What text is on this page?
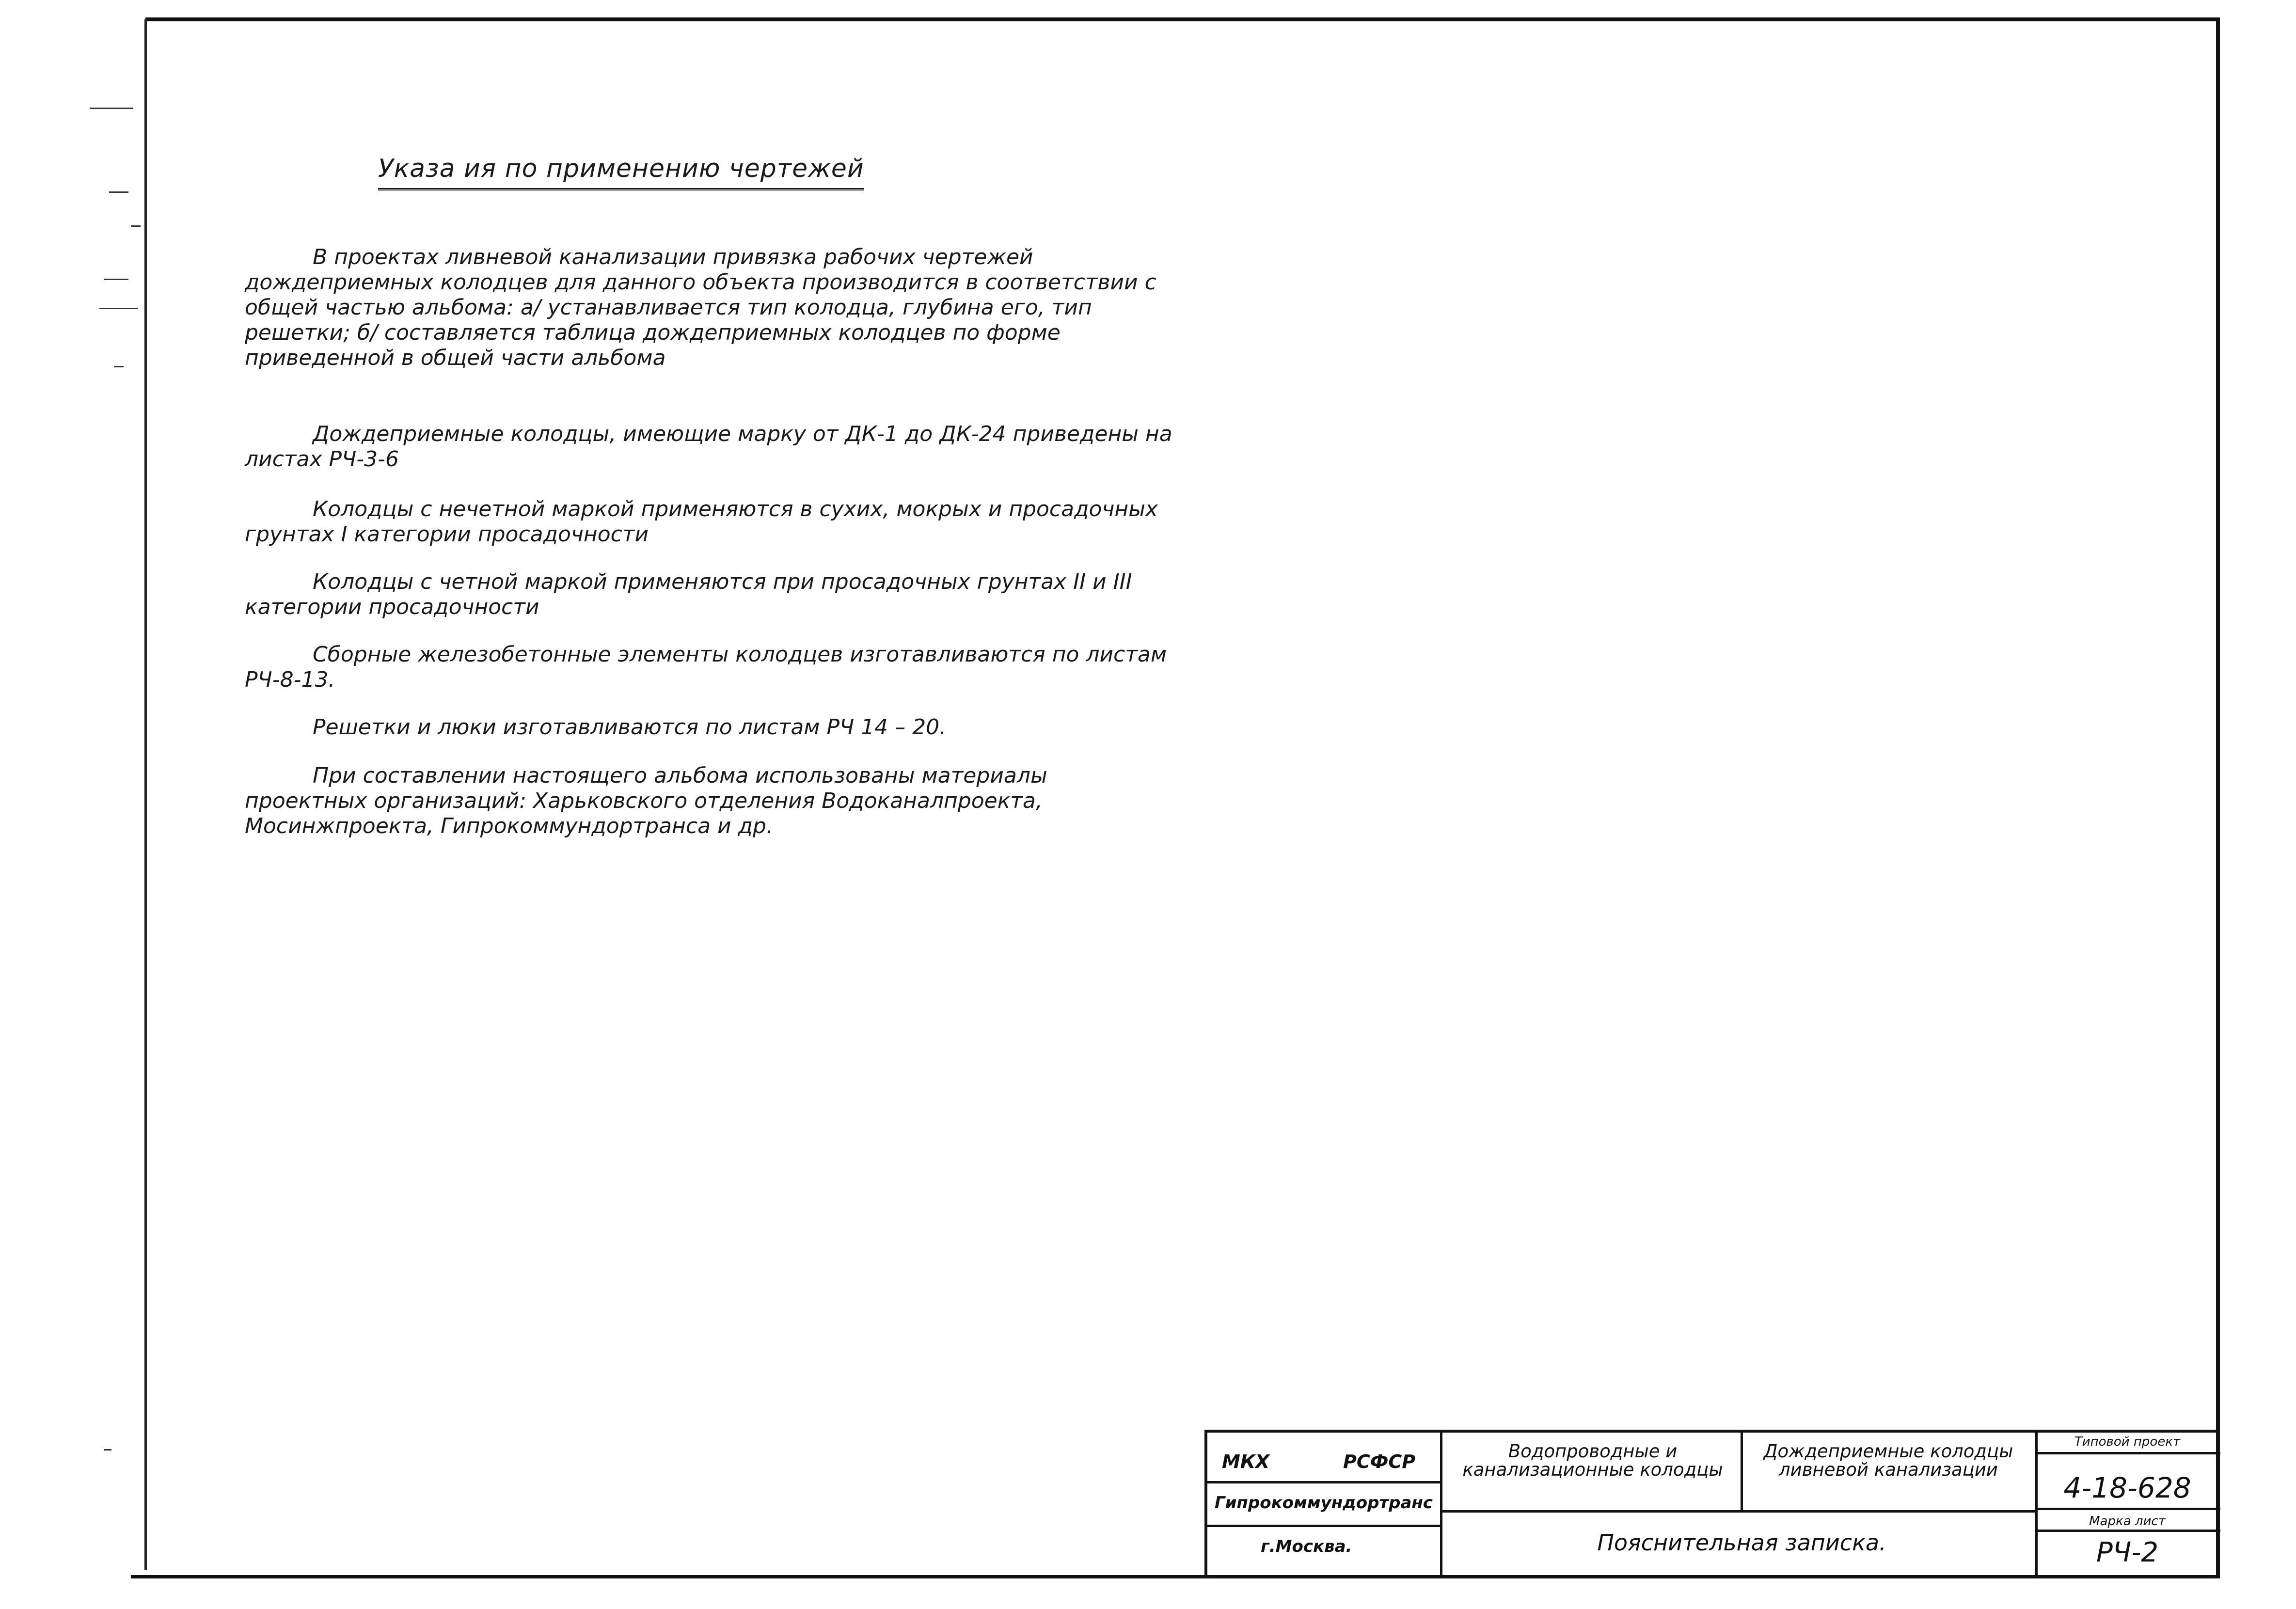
Указа ия по применению чертежей

В проектах ливневой канализации привязка рабочих чертежей дождеприемных колодцев для данного объекта производится в соответствии с общей частью альбома: а/ устанавливается тип колодца, глубина его, тип решетки; б/ составляется таблица дождеприемных колодцев по форме приведенной в общей части альбома

Дождеприемные колодцы, имеющие марку от ДК-1 до ДК-24 приведены на листах РЧ-3-6

Колодцы с нечетной маркой применяются в сухих, мокрых и просадочных грунтах I категории просадочности

Колодцы с четной маркой применяются при просадочных грунтах II и III категории просадочности

Сборные железобетонные элементы колодцев изготавливаются по листам РЧ-8-13.

Решетки и люки изготавливаются по листам РЧ 14 – 20.

При составлении настоящего альбома использованы материалы проектных организаций: Харьковского отделения Водоканалпроекта, Мосинжпроекта, Гипрокоммундортранса и др.

МКХ	РСФСР
Гипрокоммундортранс
г.Москва.
Водопроводные и канализационные колодцы
Дождеприемные колодцы ливневой канализации
Пояснительная записка.
Типовой проект
4-18-628
Марка лист
РЧ-2
